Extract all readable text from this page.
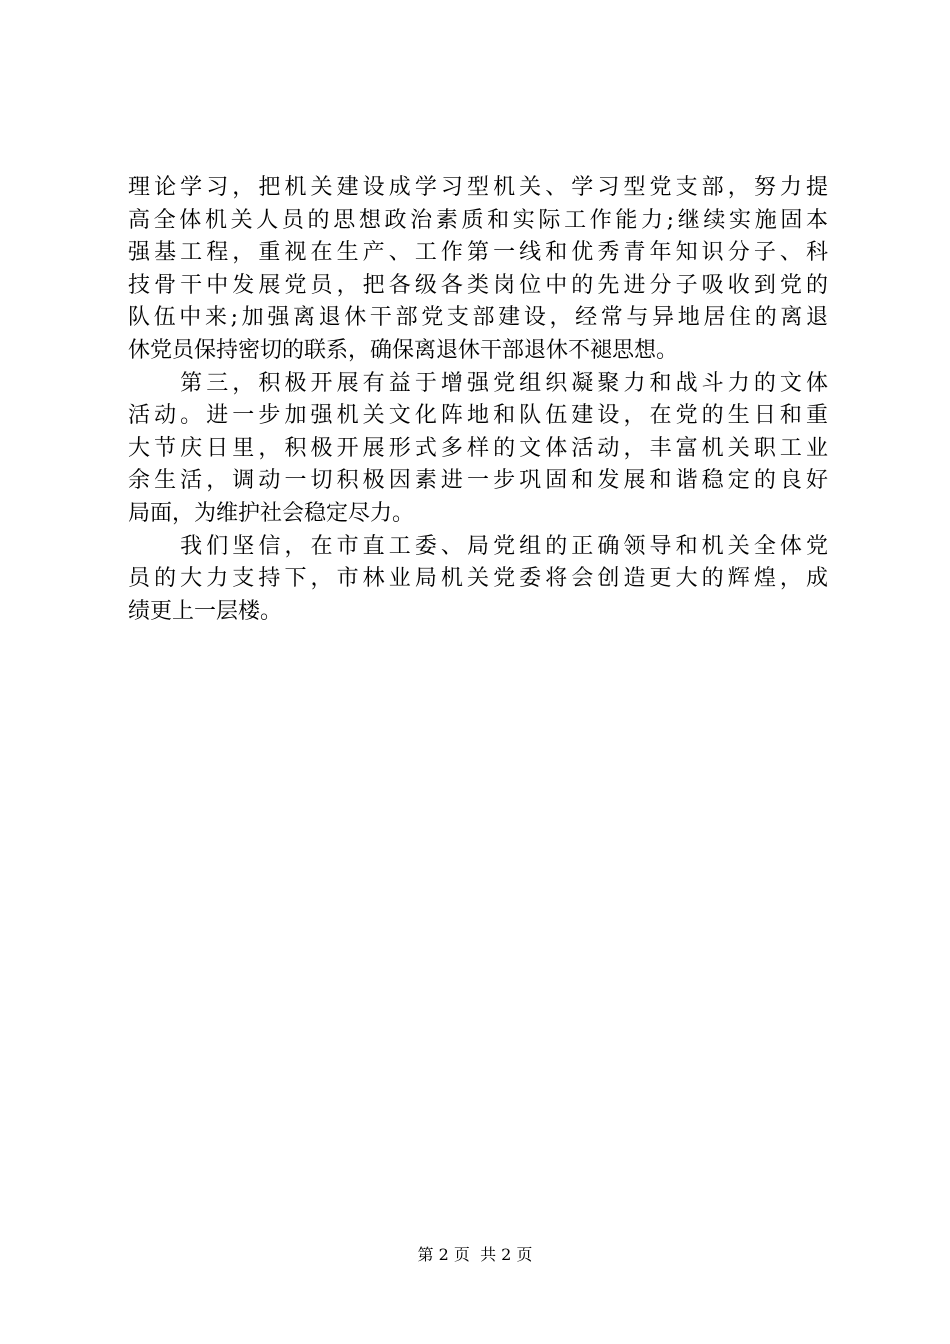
理论学习，把机关建设成学习型机关、学习型党支部，努力提
高全体机关人员的思想政治素质和实际工作能力;继续实施固本
强基工程，重视在生产、工作第一线和优秀青年知识分子、科
技骨干中发展党员，把各级各类岗位中的先进分子吸收到党的
队伍中来;加强离退休干部党支部建设，经常与异地居住的离退
休党员保持密切的联系，确保离退休干部退休不褪思想。
　　第三，积极开展有益于增强党组织凝聚力和战斗力的文体
活动。进一步加强机关文化阵地和队伍建设，在党的生日和重
大节庆日里，积极开展形式多样的文体活动，丰富机关职工业
余生活，调动一切积极因素进一步巩固和发展和谐稳定的良好
局面，为维护社会稳定尽力。
　　我们坚信，在市直工委、局党组的正确领导和机关全体党
员的大力支持下，市林业局机关党委将会创造更大的辉煌，成
绩更上一层楼。
第 2 页  共 2 页
